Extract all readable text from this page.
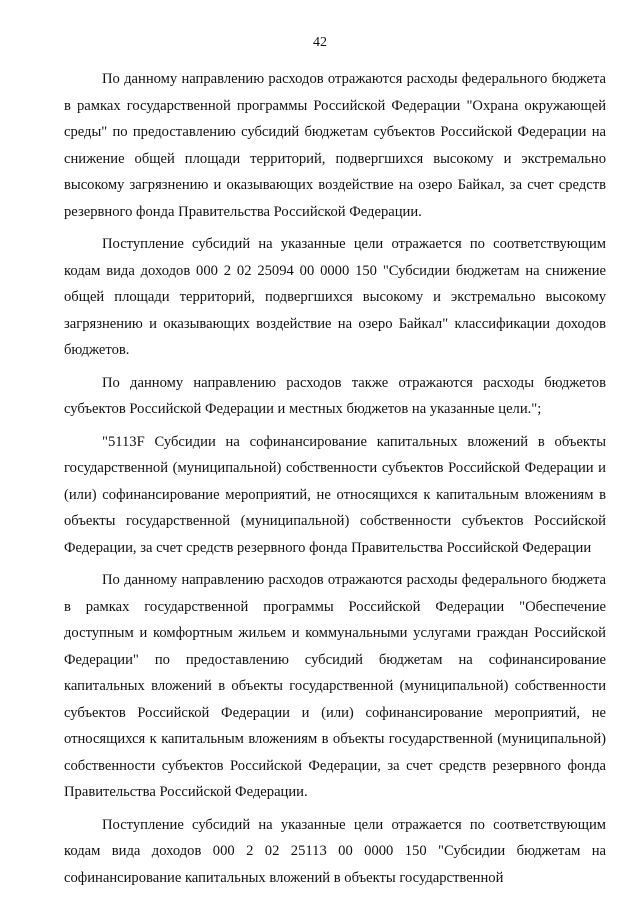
42

По данному направлению расходов отражаются расходы федерального бюджета в рамках государственной программы Российской Федерации "Охрана окружающей среды" по предоставлению субсидий бюджетам субъектов Российской Федерации на снижение общей площади территорий, подвергшихся высокому и экстремально высокому загрязнению и оказывающих воздействие на озеро Байкал, за счет средств резервного фонда Правительства Российской Федерации.

Поступление субсидий на указанные цели отражается по соответствующим кодам вида доходов 000 2 02 25094 00 0000 150 "Субсидии бюджетам на снижение общей площади территорий, подвергшихся высокому и экстремально высокому загрязнению и оказывающих воздействие на озеро Байкал" классификации доходов бюджетов.

По данному направлению расходов также отражаются расходы бюджетов субъектов Российской Федерации и местных бюджетов на указанные цели.";

"5113F Субсидии на софинансирование капитальных вложений в объекты государственной (муниципальной) собственности субъектов Российской Федерации и (или) софинансирование мероприятий, не относящихся к капитальным вложениям в объекты государственной (муниципальной) собственности субъектов Российской Федерации, за счет средств резервного фонда Правительства Российской Федерации

По данному направлению расходов отражаются расходы федерального бюджета в рамках государственной программы Российской Федерации "Обеспечение доступным и комфортным жильем и коммунальными услугами граждан Российской Федерации" по предоставлению субсидий бюджетам на софинансирование капитальных вложений в объекты государственной (муниципальной) собственности субъектов Российской Федерации и (или) софинансирование мероприятий, не относящихся к капитальным вложениям в объекты государственной (муниципальной) собственности субъектов Российской Федерации, за счет средств резервного фонда Правительства Российской Федерации.

Поступление субсидий на указанные цели отражается по соответствующим кодам вида доходов 000 2 02 25113 00 0000 150 "Субсидии бюджетам на софинансирование капитальных вложений в объекты государственной
